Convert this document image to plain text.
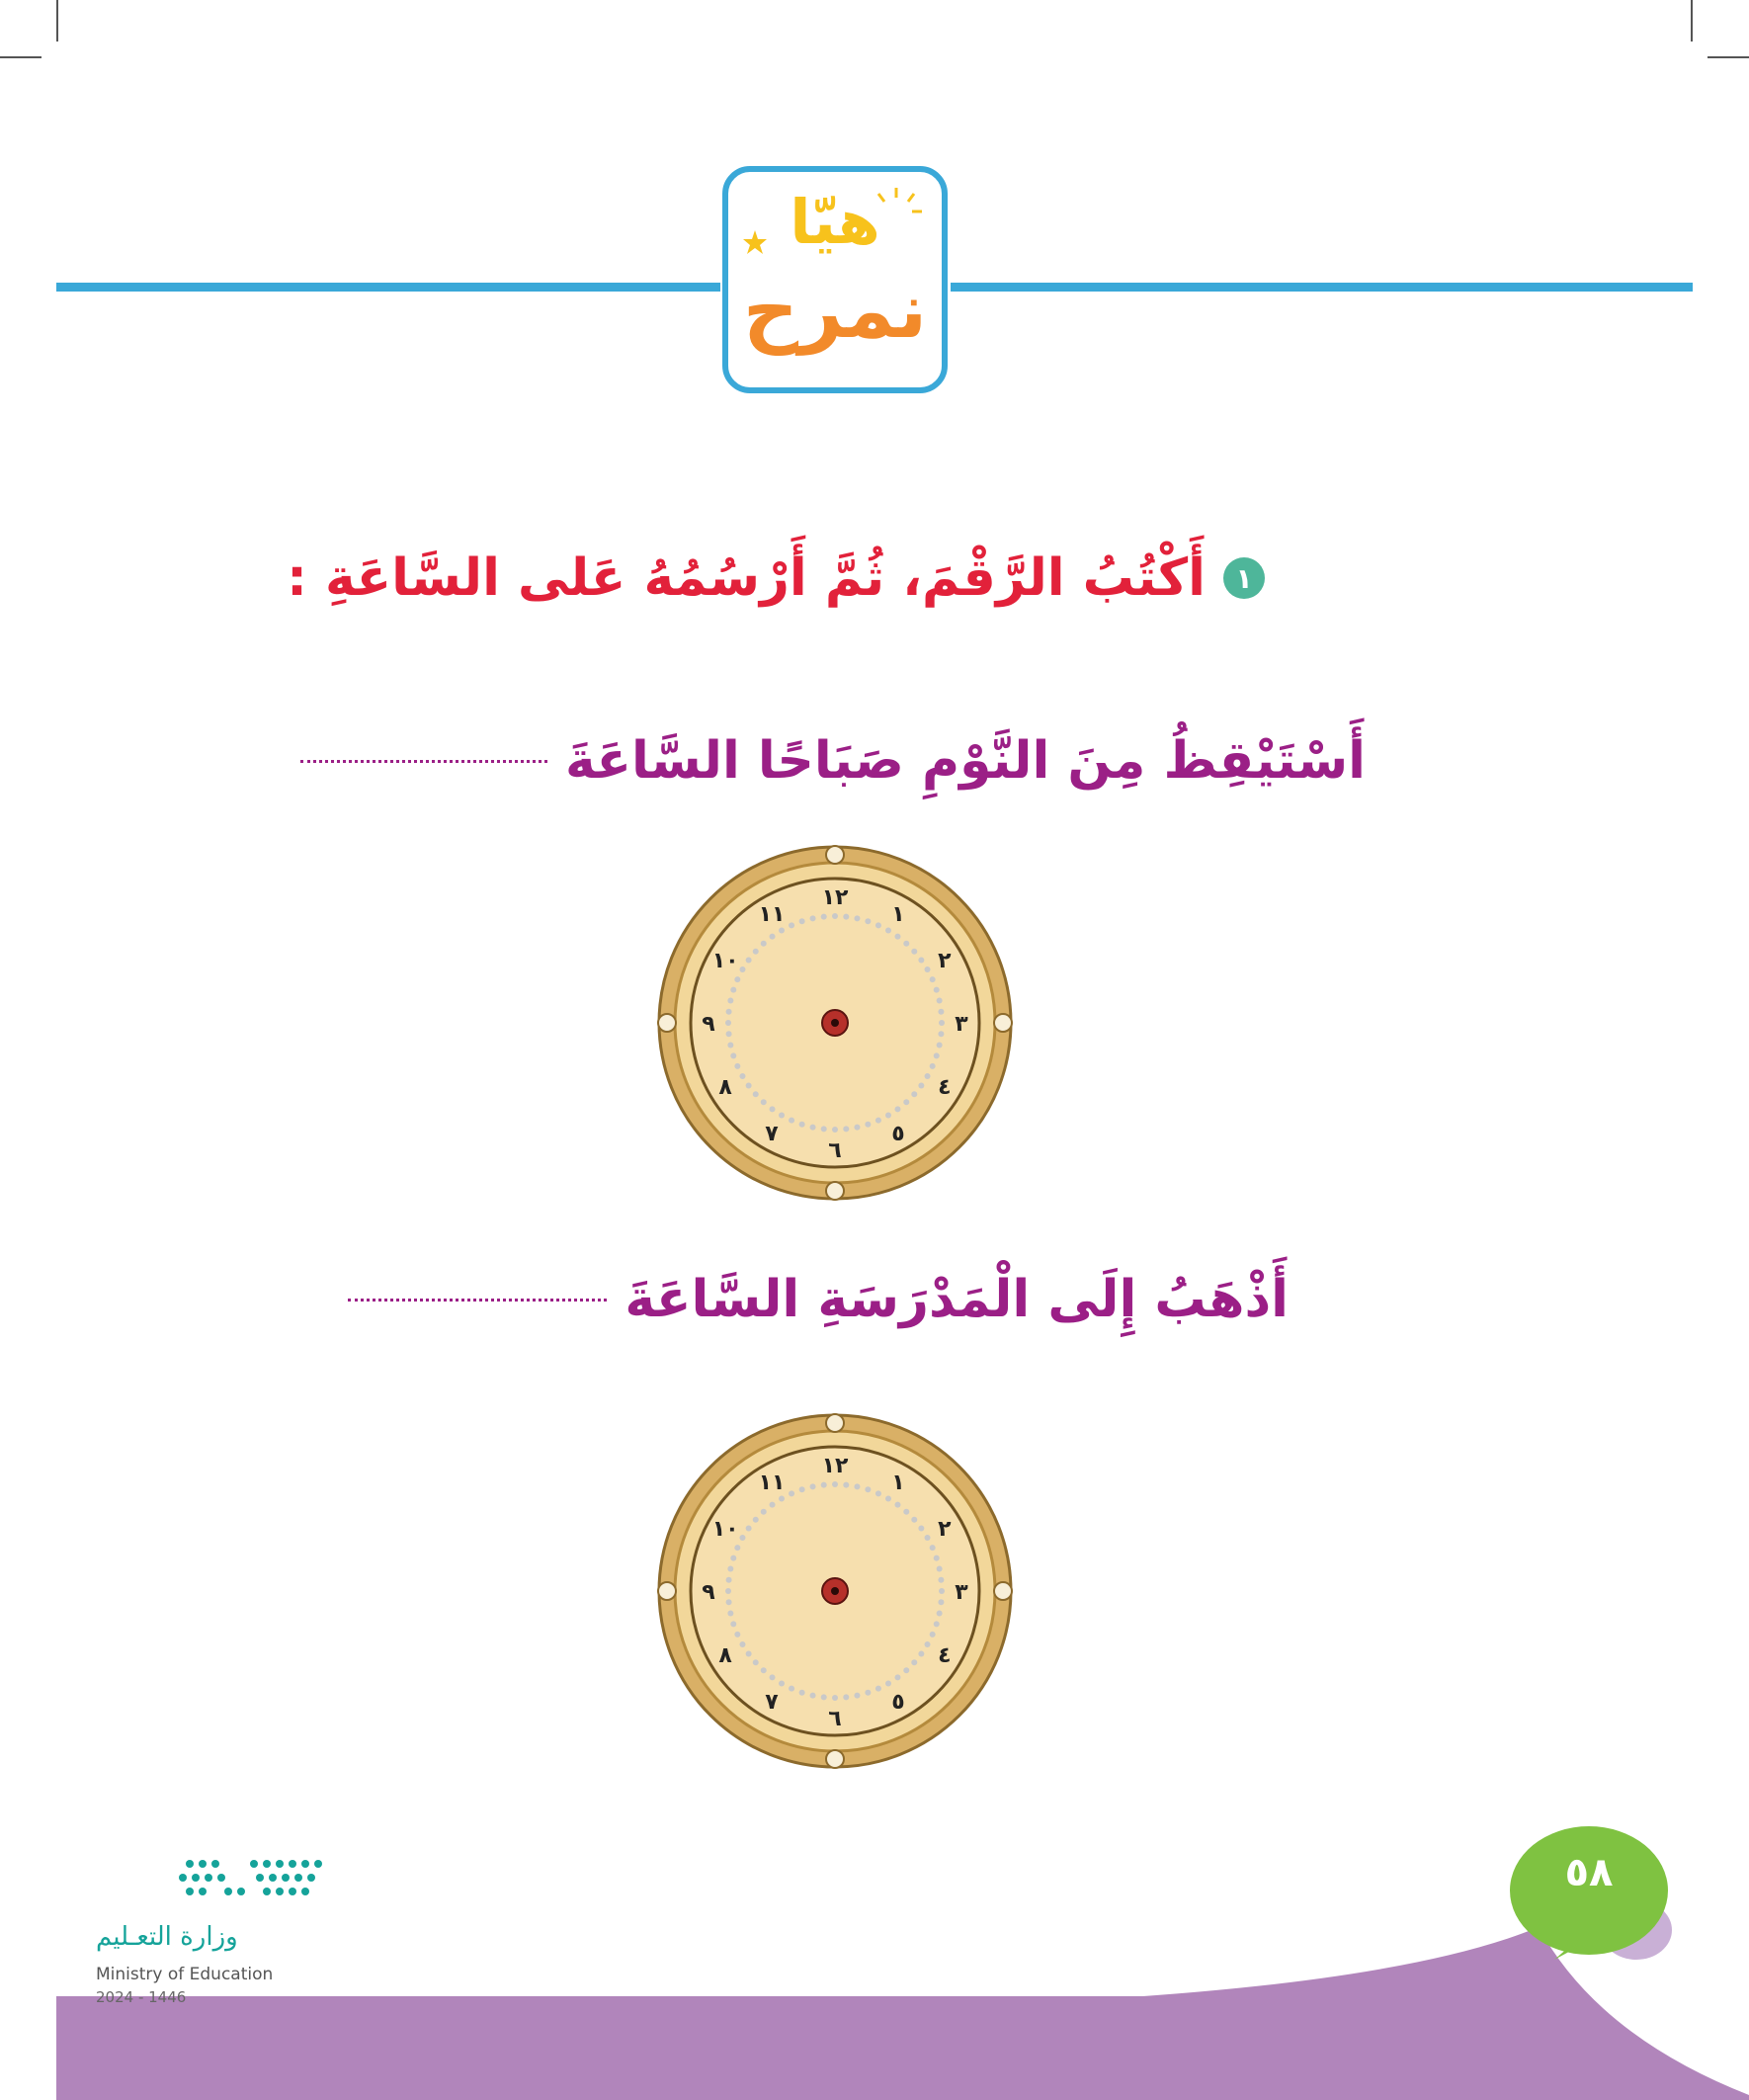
هيّا
نمرح
١
أَكْتُبُ الرَّقْمَ، ثُمَّ أَرْسُمُهُ عَلى السَّاعَةِ :
أَسْتَيْقِظُ مِنَ النَّوْمِ صَبَاحًا السَّاعَةَ
١٢
١
٢
٣
٤
٥
٦
٧
٨
٩
١٠
١١
أَذْهَبُ إِلَى الْمَدْرَسَةِ السَّاعَةَ
١٢
١
٢
٣
٤
٥
٦
٧
٨
٩
١٠
١١
٥٨
وزارة التعـليم
Ministry of Education
2024 - 1446
